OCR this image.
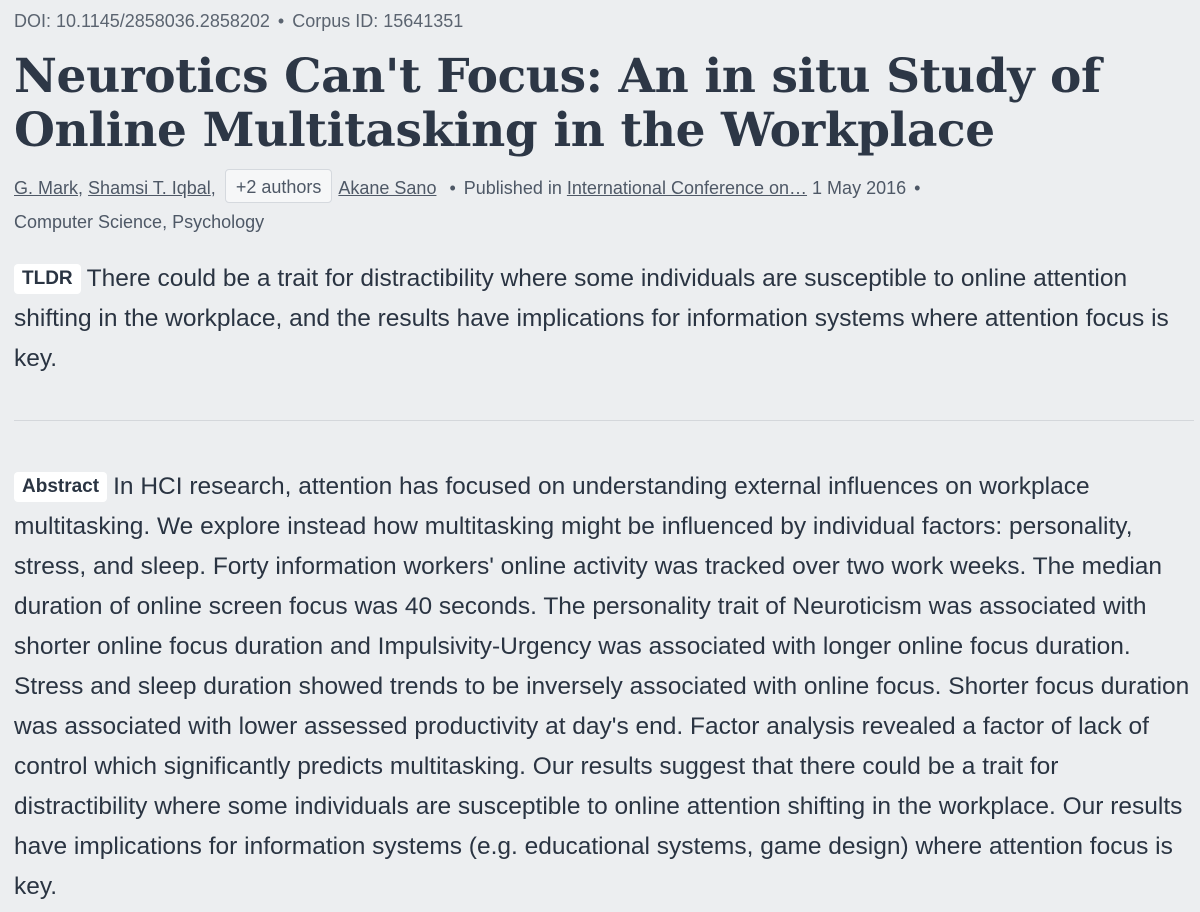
DOI: 10.1145/2858036.2858202 • Corpus ID: 15641351
Neurotics Can't Focus: An in situ Study of Online Multitasking in the Workplace
G. Mark, Shamsi T. Iqbal, +2 authors Akane Sano • Published in International Conference on… 1 May 2016 •
Computer Science, Psychology
TLDR There could be a trait for distractibility where some individuals are susceptible to online attention shifting in the workplace, and the results have implications for information systems where attention focus is key.
Abstract In HCI research, attention has focused on understanding external influences on workplace multitasking. We explore instead how multitasking might be influenced by individual factors: personality, stress, and sleep. Forty information workers' online activity was tracked over two work weeks. The median duration of online screen focus was 40 seconds. The personality trait of Neuroticism was associated with shorter online focus duration and Impulsivity-Urgency was associated with longer online focus duration. Stress and sleep duration showed trends to be inversely associated with online focus. Shorter focus duration was associated with lower assessed productivity at day's end. Factor analysis revealed a factor of lack of control which significantly predicts multitasking. Our results suggest that there could be a trait for distractibility where some individuals are susceptible to online attention shifting in the workplace. Our results have implications for information systems (e.g. educational systems, game design) where attention focus is key.
